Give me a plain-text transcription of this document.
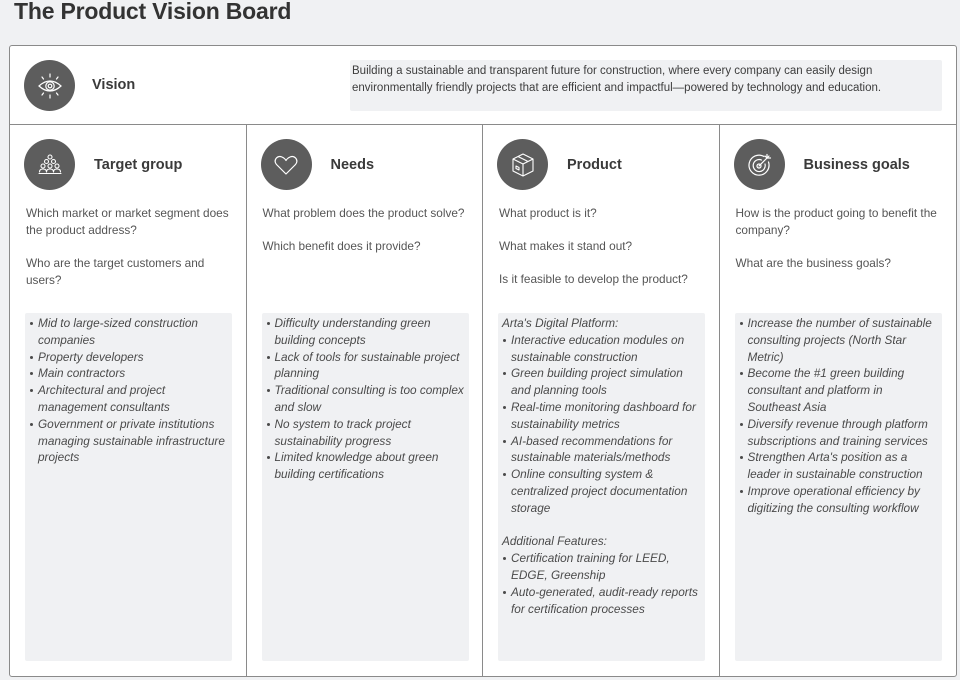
The Product Vision Board
Vision
Building a sustainable and transparent future for construction, where every company can easily design environmentally friendly projects that are efficient and impactful—powered by technology and education.
Target group

Which market or market segment does the product address?

Who are the target customers and users?

Mid to large-sized construction companies
Property developers
Main contractors
Architectural and project management consultants
Government or private institutions managing sustainable infrastructure projects
Needs

What problem does the product solve?

Which benefit does it provide?

Difficulty understanding green building concepts
Lack of tools for sustainable project planning
Traditional consulting is too complex and slow
No system to track project sustainability progress
Limited knowledge about green building certifications
Product

What product is it?

What makes it stand out?

Is it feasible to develop the product?

Arta's Digital Platform:
Interactive education modules on sustainable construction
Green building project simulation and planning tools
Real-time monitoring dashboard for sustainability metrics
AI-based recommendations for sustainable materials/methods
Online consulting system & centralized project documentation storage
Additional Features:
Certification training for LEED, EDGE, Greenship
Auto-generated, audit-ready reports for certification processes
Business goals

How is the product going to benefit the company?

What are the business goals?

Increase the number of sustainable consulting projects (North Star Metric)
Become the #1 green building consultant and platform in Southeast Asia
Diversify revenue through platform subscriptions and training services
Strengthen Arta's position as a leader in sustainable construction
Improve operational efficiency by digitizing the consulting workflow
